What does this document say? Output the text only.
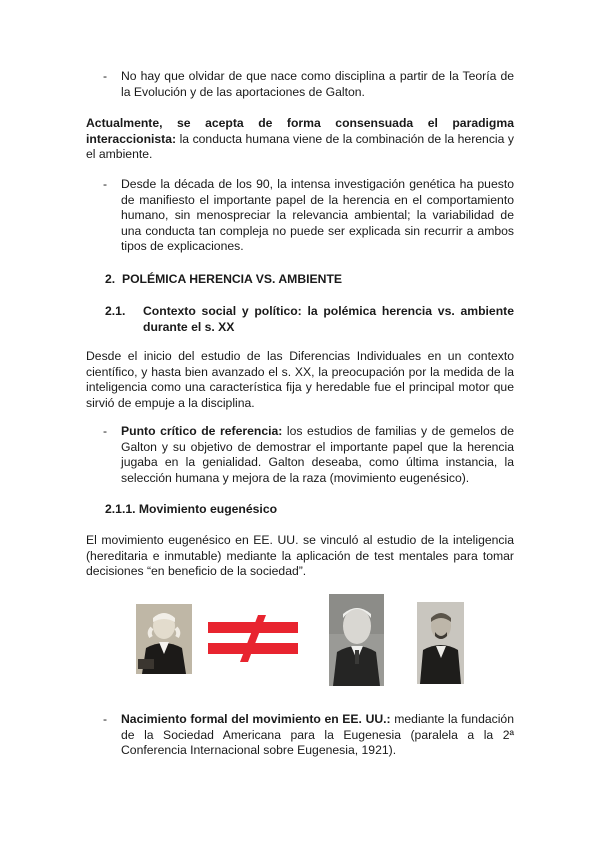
-	No hay que olvidar de que nace como disciplina a partir de la Teoría de la Evolución y de las aportaciones de Galton.

Actualmente, se acepta de forma consensuada el paradigma interaccionista: la conducta humana viene de la combinación de la herencia y el ambiente.

-	Desde la década de los 90, la intensa investigación genética ha puesto de manifiesto el importante papel de la herencia en el comportamiento humano, sin menospreciar la relevancia ambiental; la variabilidad de una conducta tan compleja no puede ser explicada sin recurrir a ambos tipos de explicaciones.

2. POLÉMICA HERENCIA VS. AMBIENTE

2.1. Contexto social y político: la polémica herencia vs. ambiente durante el s. XX

Desde el inicio del estudio de las Diferencias Individuales en un contexto científico, y hasta bien avanzado el s. XX, la preocupación por la medida de la inteligencia como una característica fija y heredable fue el principal motor que sirvió de empuje a la disciplina.

-	Punto crítico de referencia: los estudios de familias y de gemelos de Galton y su objetivo de demostrar el importante papel que la herencia jugaba en la genialidad. Galton deseaba, como última instancia, la selección humana y mejora de la raza (movimiento eugenésico).

2.1.1. Movimiento eugenésico

El movimiento eugenésico en EE. UU. se vinculó al estudio de la inteligencia (hereditaria e inmutable) mediante la aplicación de test mentales para tomar decisiones “en beneficio de la sociedad”.

-	Nacimiento formal del movimiento en EE. UU.: mediante la fundación de la Sociedad Americana para la Eugenesia (paralela a la 2ª Conferencia Internacional sobre Eugenesia, 1921).
